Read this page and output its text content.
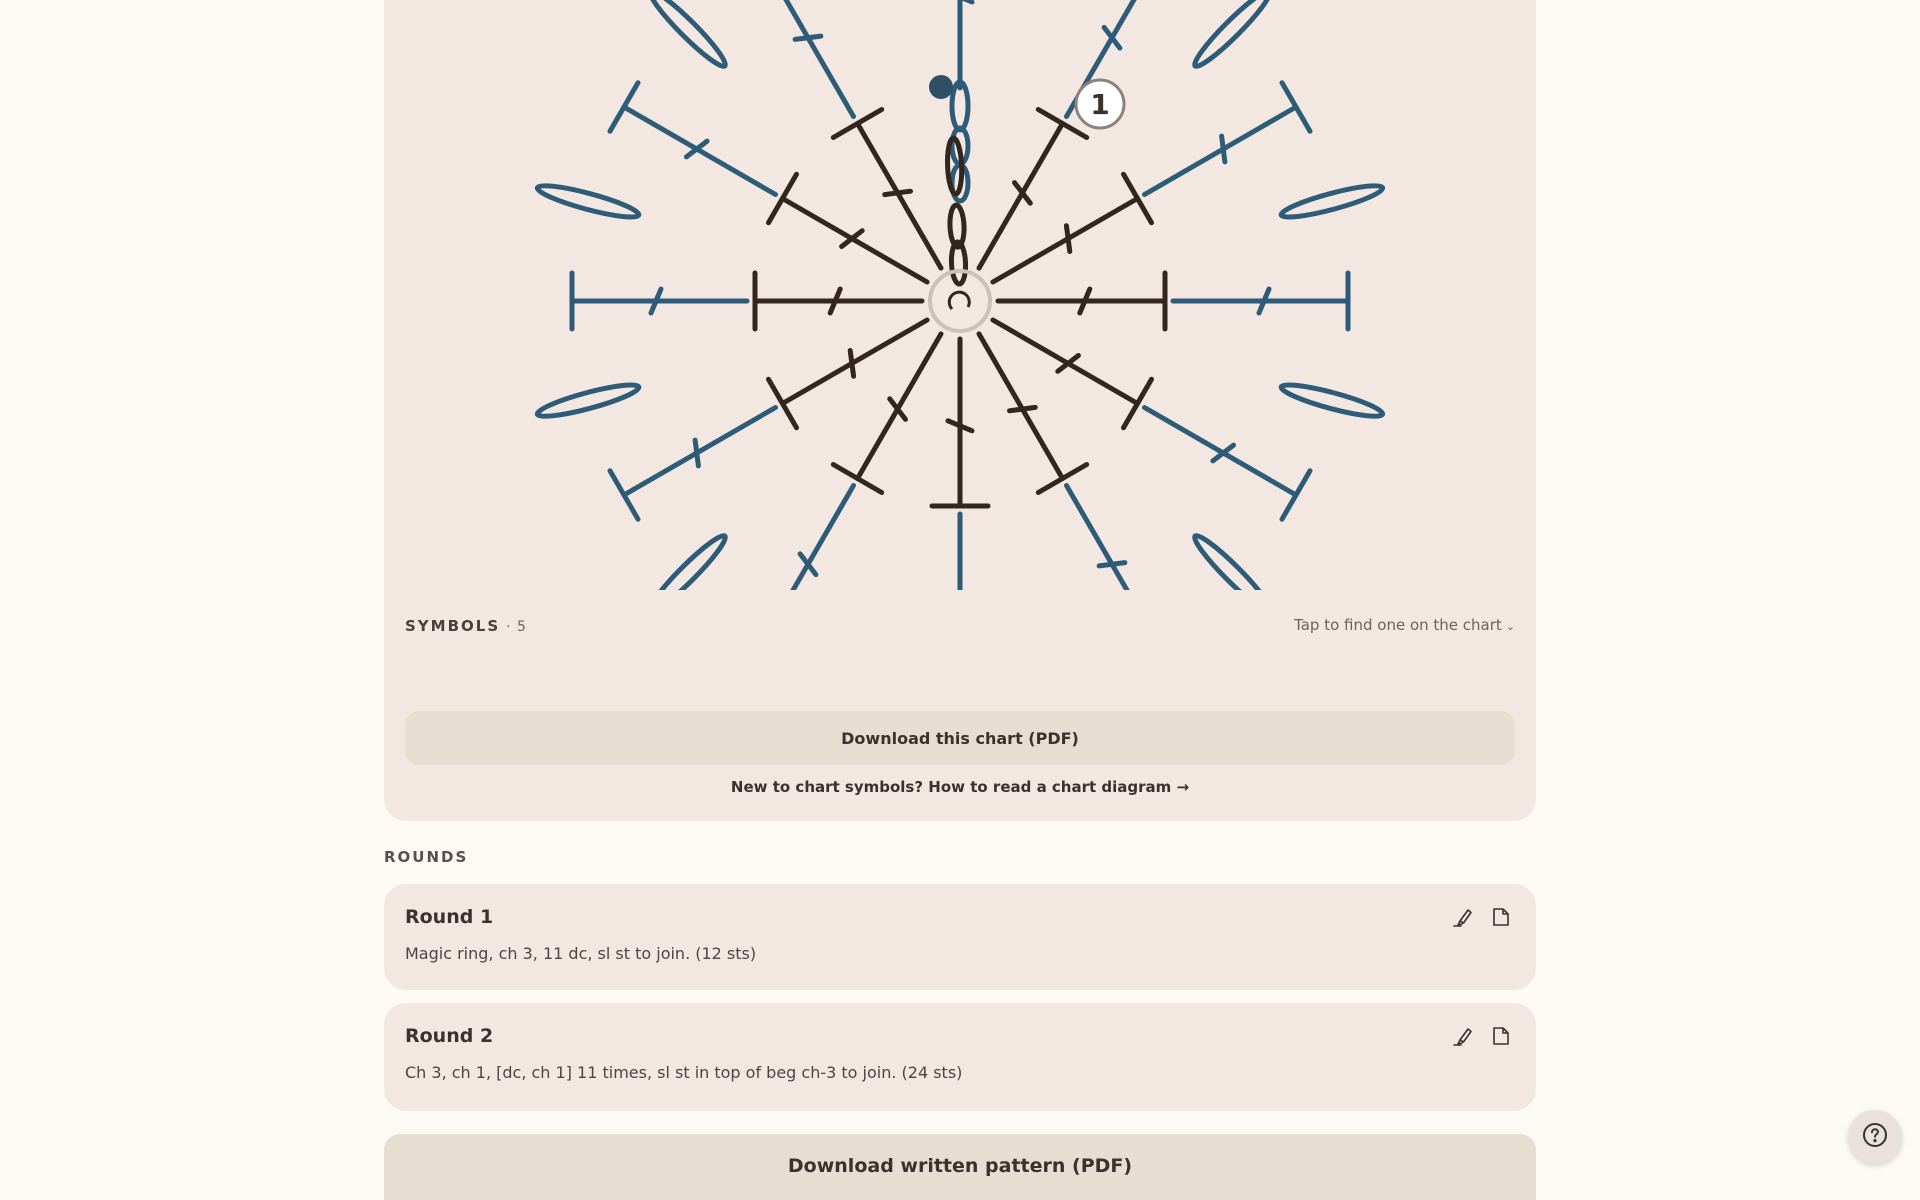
1
SYMBOLS · 5	Tap to find one on the chart ⌄
Download this chart (PDF)
New to chart symbols? How to read a chart diagram →
ROUNDS
Round 1
Magic ring, ch 3, 11 dc, sl st to join. (12 sts)
Round 2
Ch 3, ch 1, [dc, ch 1] 11 times, sl st in top of beg ch-3 to join. (24 sts)
Download written pattern (PDF)
